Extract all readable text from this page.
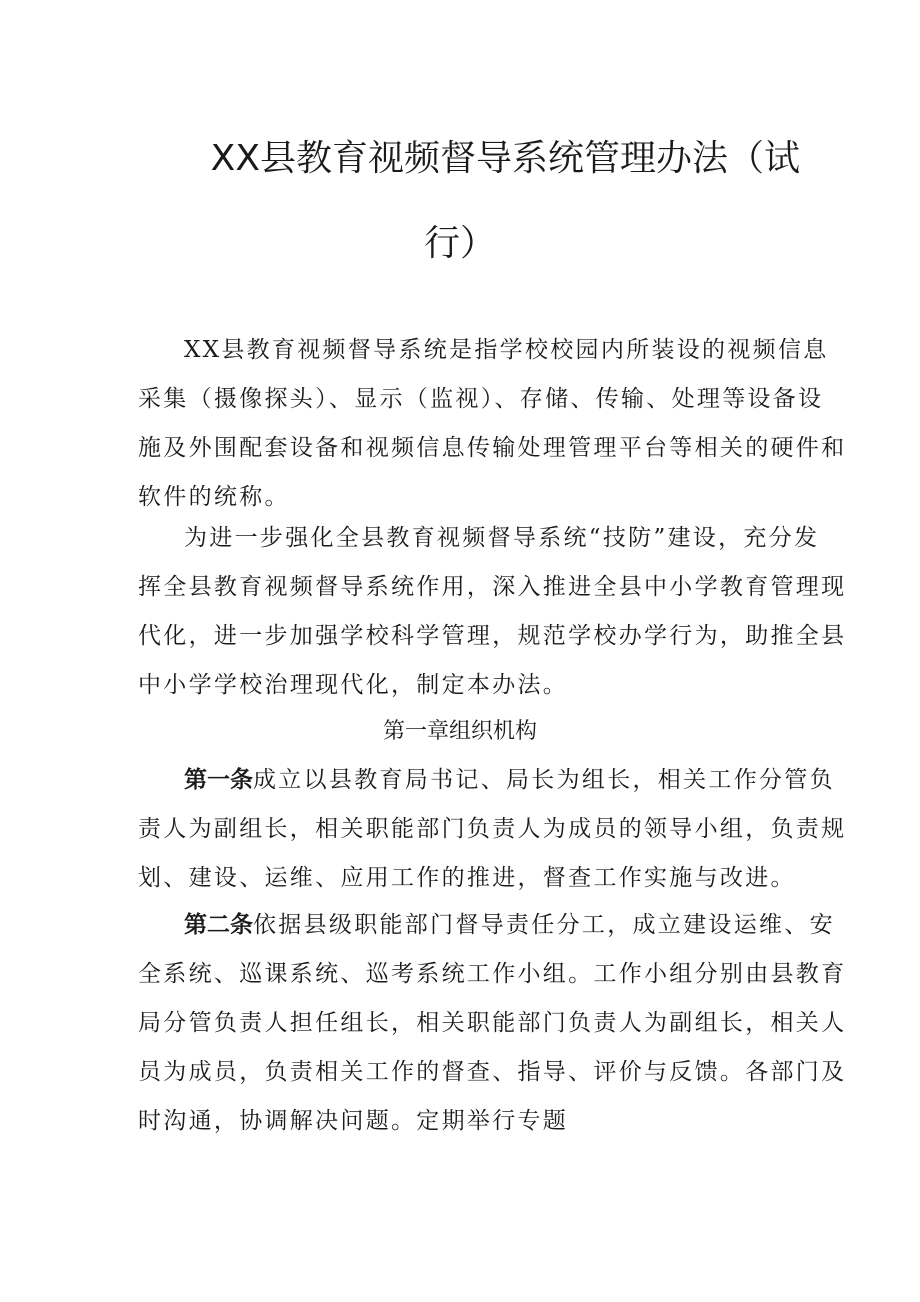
XX县教育视频督导系统管理办法（试
行）
XX县教育视频督导系统是指学校校园内所装设的视频信息
采集（摄像探头）、显示（监视）、存储、传输、处理等设备设
施及外围配套设备和视频信息传输处理管理平台等相关的硬件和
软件的统称。
为进一步强化全县教育视频督导系统“技防”建设，充分发
挥全县教育视频督导系统作用，深入推进全县中小学教育管理现
代化，进一步加强学校科学管理，规范学校办学行为，助推全县
中小学学校治理现代化，制定本办法。
第一章组织机构
第一条成立以县教育局书记、局长为组长，相关工作分管负
责人为副组长，相关职能部门负责人为成员的领导小组，负责规
划、建设、运维、应用工作的推进，督查工作实施与改进。
第二条依据县级职能部门督导责任分工，成立建设运维、安
全系统、巡课系统、巡考系统工作小组。工作小组分别由县教育
局分管负责人担任组长，相关职能部门负责人为副组长，相关人
员为成员，负责相关工作的督查、指导、评价与反馈。各部门及
时沟通，协调解决问题。定期举行专题
